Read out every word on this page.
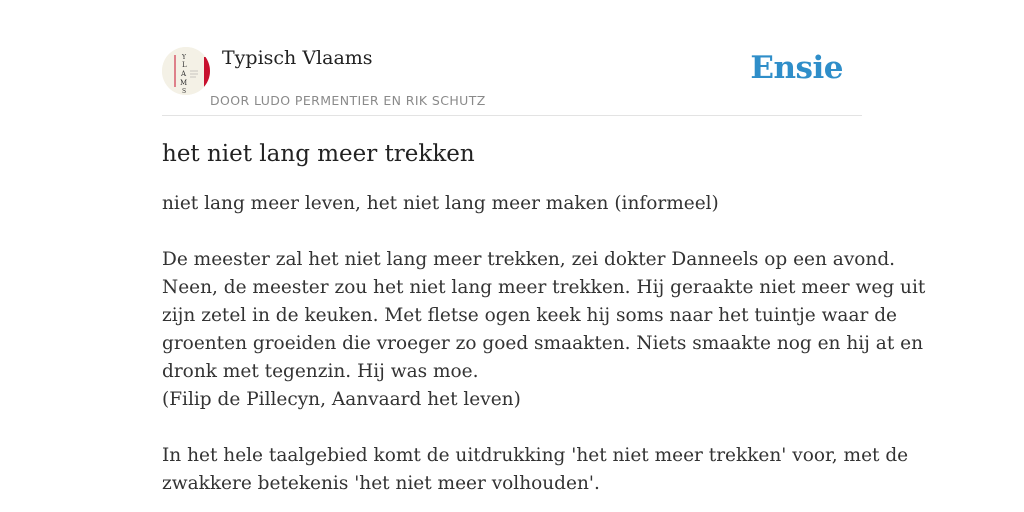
Y
L
A
M
S
Typisch Vlaams
DOOR LUDO PERMENTIER EN RIK SCHUTZ
Ensie
het niet lang meer trekken

niet lang meer leven, het niet lang meer maken (informeel)

De meester zal het niet lang meer trekken, zei dokter Danneels op een avond.
Neen, de meester zou het niet lang meer trekken. Hij geraakte niet meer weg uit
zijn zetel in de keuken. Met fletse ogen keek hij soms naar het tuintje waar de
groenten groeiden die vroeger zo goed smaakten. Niets smaakte nog en hij at en
dronk met tegenzin. Hij was moe.
(Filip de Pillecyn, Aanvaard het leven)

In het hele taalgebied komt de uitdrukking 'het niet meer trekken' voor, met de
zwakkere betekenis 'het niet meer volhouden'.
